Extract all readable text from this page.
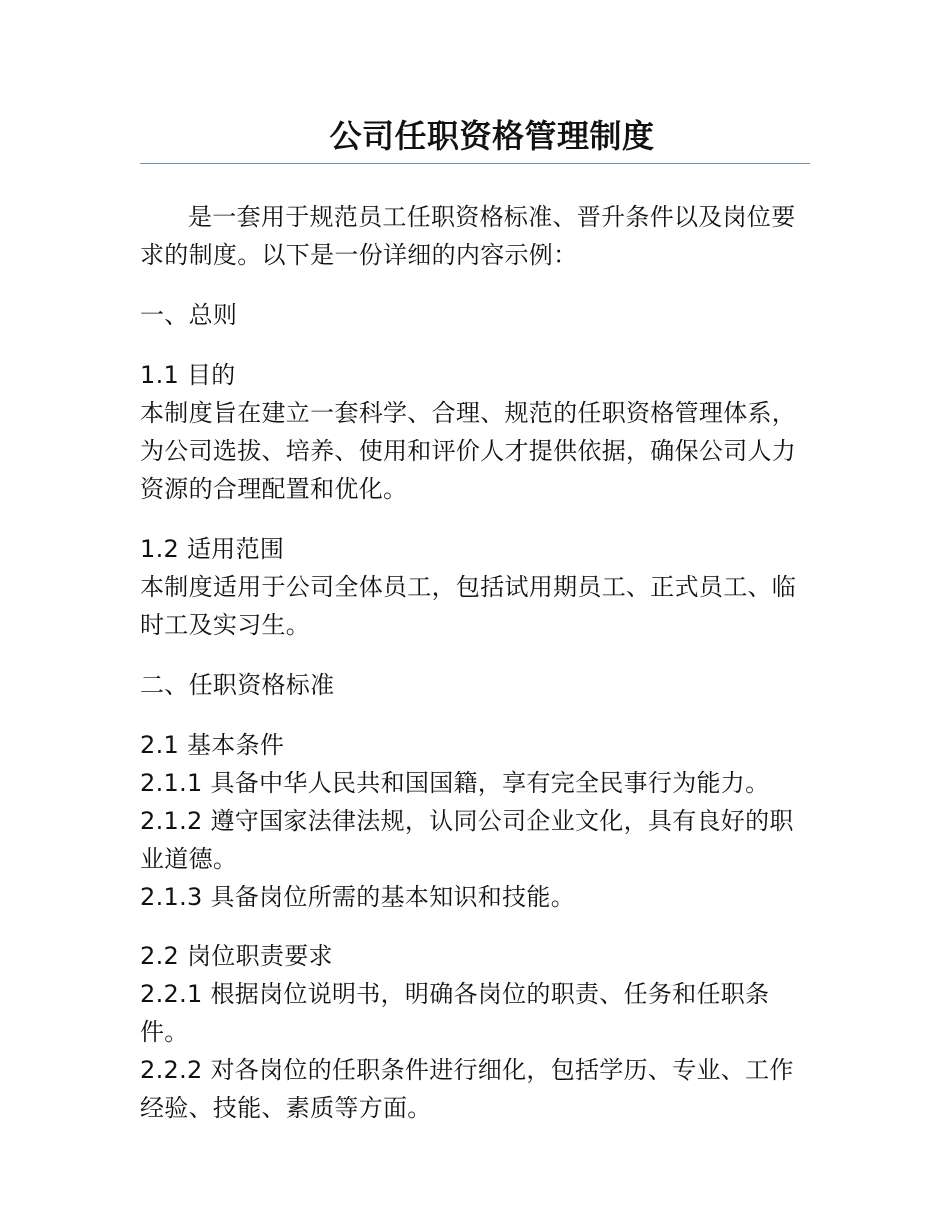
公司任职资格管理制度

是一套用于规范员工任职资格标准、晋升条件以及岗位要求的制度。以下是一份详细的内容示例：

一、总则

1.1 目的

本制度旨在建立一套科学、合理、规范的任职资格管理体系，为公司选拔、培养、使用和评价人才提供依据，确保公司人力资源的合理配置和优化。

1.2 适用范围

本制度适用于公司全体员工，包括试用期员工、正式员工、临时工及实习生。

二、任职资格标准

2.1 基本条件

2.1.1 具备中华人民共和国国籍，享有完全民事行为能力。

2.1.2 遵守国家法律法规，认同公司企业文化，具有良好的职业道德。

2.1.3 具备岗位所需的基本知识和技能。

2.2 岗位职责要求

2.2.1 根据岗位说明书，明确各岗位的职责、任务和任职条件。

2.2.2 对各岗位的任职条件进行细化，包括学历、专业、工作经验、技能、素质等方面。
